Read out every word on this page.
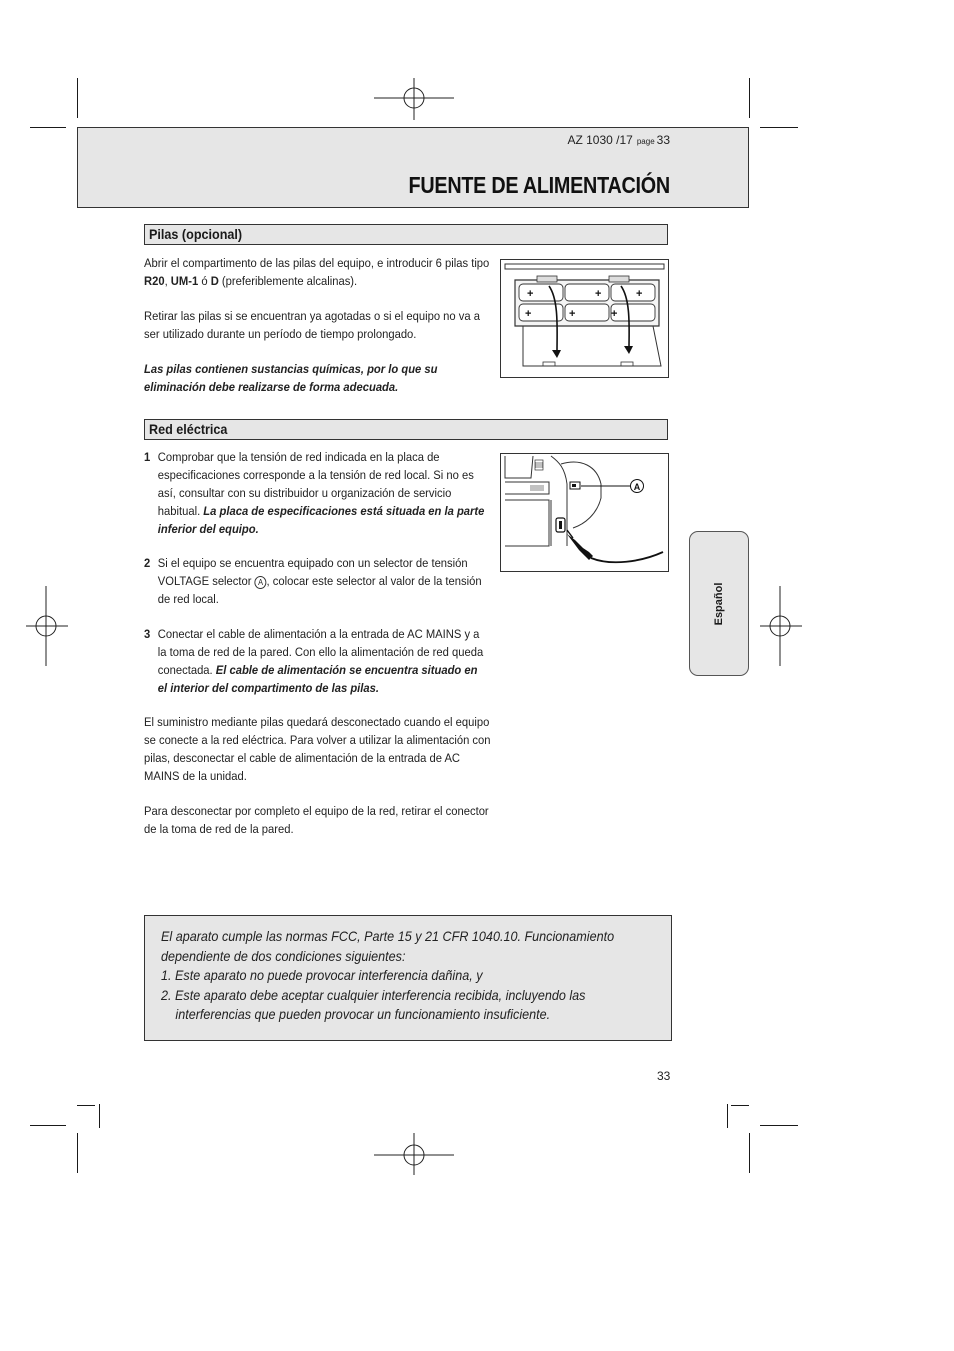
AZ 1030 /17 page 33
FUENTE DE ALIMENTACIÓN
Pilas (opcional)

Abrir el compartimento de las pilas del equipo, e introducir 6 pilas tipo R20, UM-1 ó D (preferiblemente alcalinas).

Retirar las pilas si se encuentran ya agotadas o si el equipo no va a ser utilizado durante un período de tiempo prolongado.

Las pilas contienen sustancias químicas, por lo que su eliminación debe realizarse de forma adecuada.

+	+	+
+	+	+
Red eléctrica
1 Comprobar que la tensión de red indicada en la placa de especificaciones corresponde a la tensión de red local. Si no es así, consultar con su distribuidor u organización de servicio habitual. La placa de especificaciones está situada en la parte inferior del equipo.
2 Si el equipo se encuentra equipado con un selector de tensión VOLTAGE selector A , colocar este selector al valor de la tensión de red local.
3 Conectar el cable de alimentación a la entrada de AC MAINS y a la toma de red de la pared. Con ello la alimentación de red queda conectada. El cable de alimentación se encuentra situado en el interior del compartimento de las pilas.

El suministro mediante pilas quedará desconectado cuando el equipo se conecte a la red eléctrica. Para volver a utilizar la alimentación con pilas, desconectar el cable de alimentación de la entrada de AC MAINS de la unidad.

Para desconectar por completo el equipo de la red, retirar el conector de la toma de red de la pared.

A

El aparato cumple las normas FCC, Parte 15 y 21 CFR 1040.10. Funcionamiento dependiente de dos condiciones siguientes:

1. Este aparato no puede provocar interferencia dañina, y

2. Este aparato debe aceptar cualquier interferencia recibida, incluyendo las interferencias que pueden provocar un funcionamiento insuficiente.

Español
33
